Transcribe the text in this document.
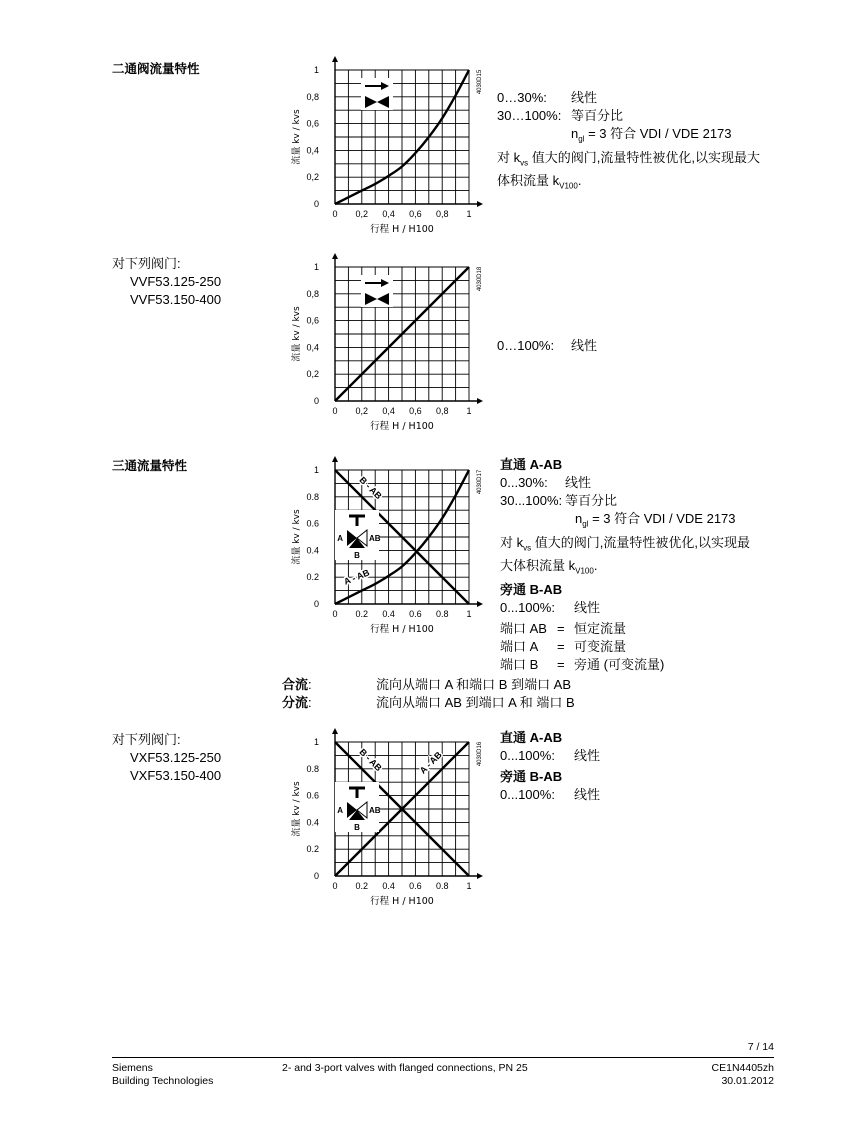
二通阀流量特性
三通流量特性
对下列阀门:
VVF53.125-250
VVF53.150-400
对下列阀门:
VXF53.125-250
VXF53.150-400
0
0,2
0,4
0,6
0,8
1
0 0,2 0,4 0,6 0,8 1
行程 H / H100
流量 kv / kvs
4030D15
0
0,2
0,4
0,6
0,8
1
0 0,2 0,4 0,6 0,8 1
行程 H / H100
流量 kv / kvs
4030D18
0
0.2
0.4
0.6
0.8
1
0 0.2 0.4 0.6 0.8 1
行程 H / H100
流量 kv / kvs
4030D17
B - AB
A - AB
A	AB
B
0
0.2
0.4
0.6
0.8
1
0 0.2 0.4 0.6 0.8 1
行程 H / H100
流量 kv / kvs
4030D16
B - AB	A - AB
A	AB
B
0…30%: 线性
30…100%: 等百分比
$n_{gl} = 3$ 符合 VDI / VDE 2173
对 $k_{vs}$ 值大的阀门,流量特性被优化,以实现最大
体积流量 $k_{V100}$.
0…100%: 线性
直通 A-AB
0...30%: 线性
30...100%: 等百分比
$n_{gl} = 3$ 符合 VDI / VDE 2173
对 $k_{vs}$ 值大的阀门,流量特性被优化,以实现最
大体积流量 $k_{V100}$.
旁通 B-AB
0...100%: 线性
端口 AB = 恒定流量
端口 A = 可变流量
端口 B = 旁通 (可变流量)
合流:	流向从端口 A 和端口 B 到端口 AB
分流:	流向从端口 AB 到端口 A 和 端口 B
直通 A-AB
0...100%: 线性
旁通 B-AB
0...100%: 线性
7 / 14
Siemens
Building Technologies
2- and 3-port valves with flanged connections, PN 25	CE1N4405zh
30.01.2012
